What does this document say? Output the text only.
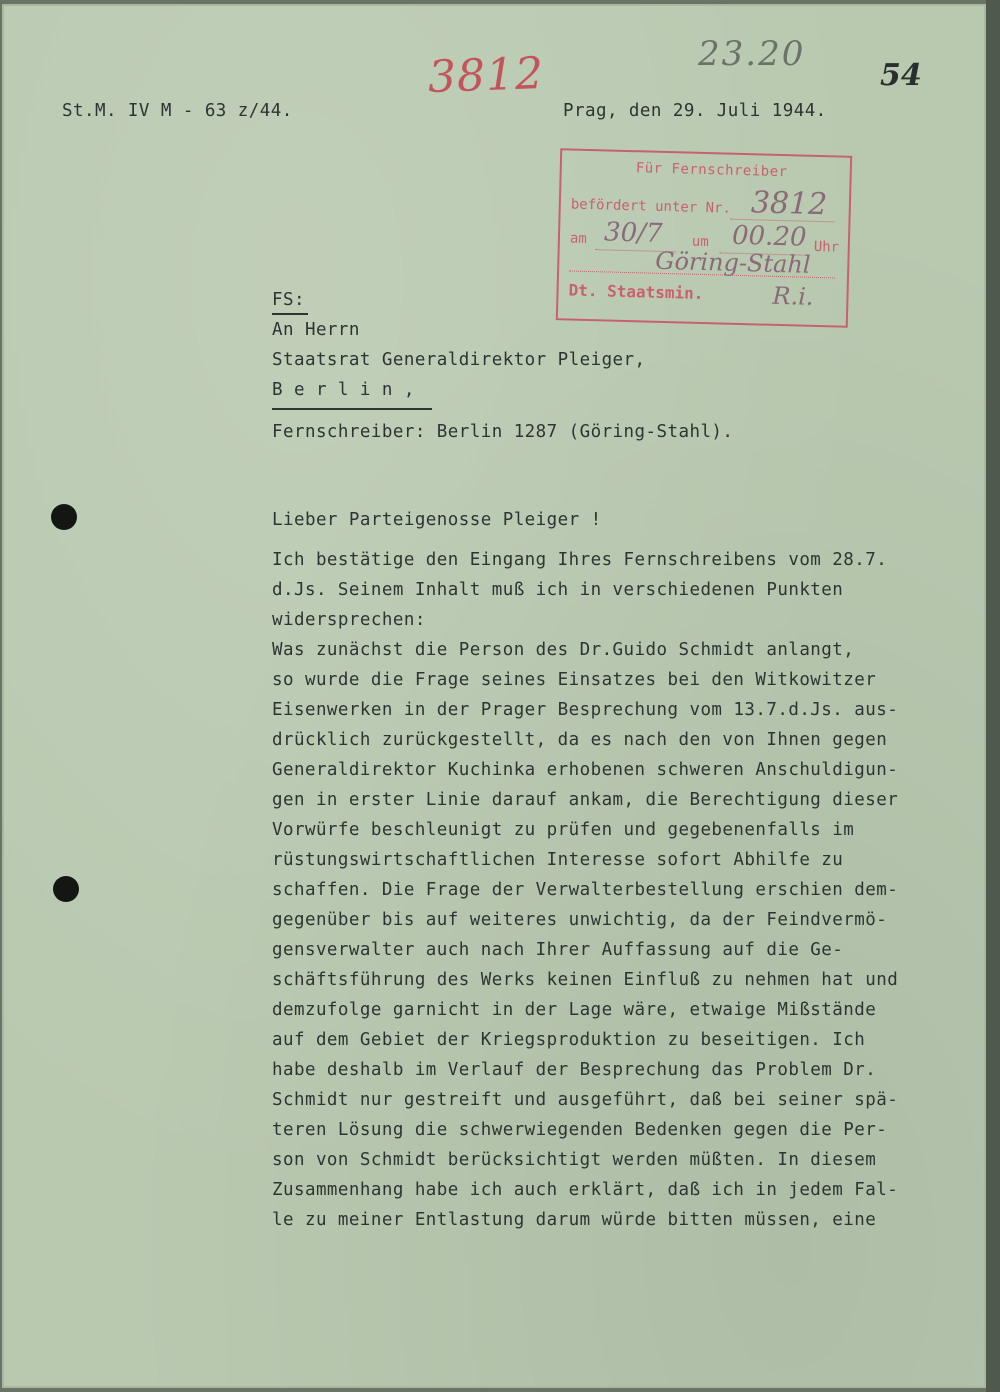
St.M. IV M - 63 z/44.	Prag, den 29. Juli 1944.

3812	23.20

54

Für Fernschreiber
befördert unter Nr. 3812
am 30/7 um 00.20 Uhr
Göring-Stahl
Dt. Staatsmin.	R.i.

FS:

An Herrn

Staatsrat Generaldirektor Pleiger,

B e r l i n ,

Fernschreiber: Berlin 1287 (Göring-Stahl).

Lieber Parteigenosse Pleiger !

Ich bestätige den Eingang Ihres Fernschreibens vom 28.7.

d.Js. Seinem Inhalt muß ich in verschiedenen Punkten

widersprechen:

Was zunächst die Person des Dr.Guido Schmidt anlangt,

so wurde die Frage seines Einsatzes bei den Witkowitzer

Eisenwerken in der Prager Besprechung vom 13.7.d.Js. aus-

drücklich zurückgestellt, da es nach den von Ihnen gegen

Generaldirektor Kuchinka erhobenen schweren Anschuldigun-

gen in erster Linie darauf ankam, die Berechtigung dieser

Vorwürfe beschleunigt zu prüfen und gegebenenfalls im

rüstungswirtschaftlichen Interesse sofort Abhilfe zu

schaffen. Die Frage der Verwalterbestellung erschien dem-

gegenüber bis auf weiteres unwichtig, da der Feindvermö-

gensverwalter auch nach Ihrer Auffassung auf die Ge-

schäftsführung des Werks keinen Einfluß zu nehmen hat und

demzufolge garnicht in der Lage wäre, etwaige Mißstände

auf dem Gebiet der Kriegsproduktion zu beseitigen. Ich

habe deshalb im Verlauf der Besprechung das Problem Dr.

Schmidt nur gestreift und ausgeführt, daß bei seiner spä-

teren Lösung die schwerwiegenden Bedenken gegen die Per-

son von Schmidt berücksichtigt werden müßten. In diesem

Zusammenhang habe ich auch erklärt, daß ich in jedem Fal-

le zu meiner Entlastung darum würde bitten müssen, eine
